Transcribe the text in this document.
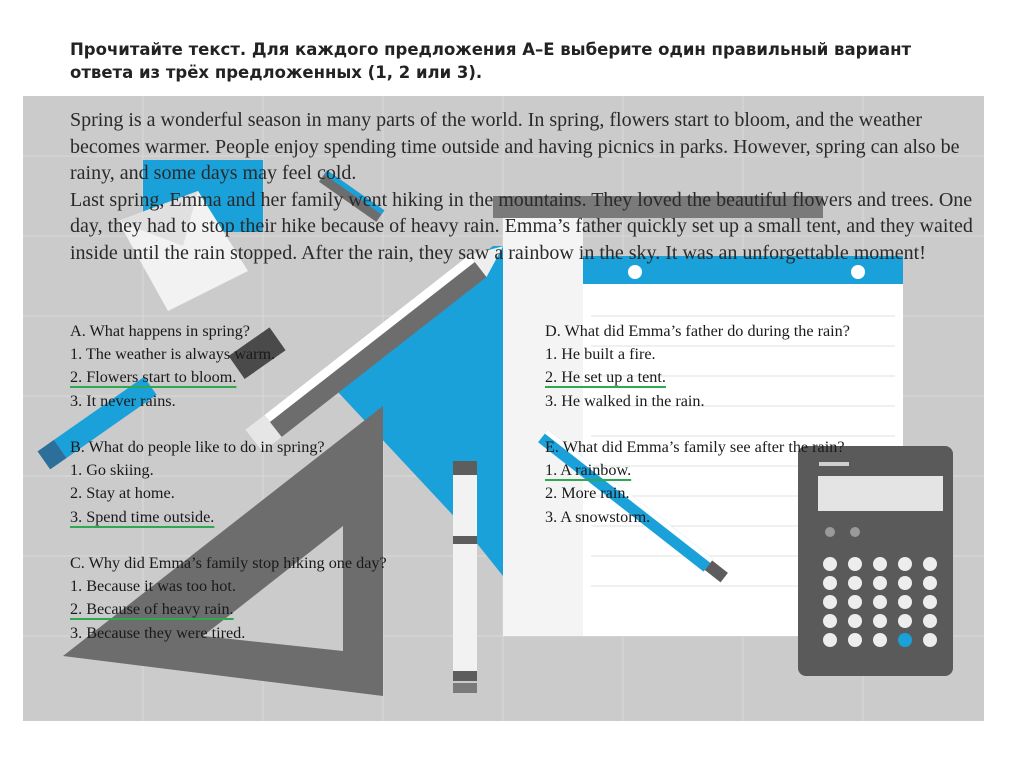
Прочитайте текст. Для каждого предложения A–E выберите один правильный вариант ответа из трёх предложенных (1, 2 или 3).

Spring is a wonderful season in many parts of the world. In spring, flowers start to bloom, and the weather becomes warmer. People enjoy spending time outside and having picnics in parks. However, spring can also be rainy, and some days may feel cold.

Last spring, Emma and her family went hiking in the mountains. They loved the beautiful flowers and trees. One day, they had to stop their hike because of heavy rain. Emma’s father quickly set up a small tent, and they waited inside until the rain stopped. After the rain, they saw a rainbow in the sky. It was an unforgettable moment!

A. What happens in spring?
1. The weather is always warm.
2. Flowers start to bloom.
3. It never rains.
B. What do people like to do in spring?
1. Go skiing.
2. Stay at home.
3. Spend time outside.
C. Why did Emma’s family stop hiking one day?
1. Because it was too hot.
2. Because of heavy rain.
3. Because they were tired.
D. What did Emma’s father do during the rain?
1. He built a fire.
2. He set up a tent.
3. He walked in the rain.
E. What did Emma’s family see after the rain?
1. A rainbow.
2. More rain.
3. A snowstorm.
